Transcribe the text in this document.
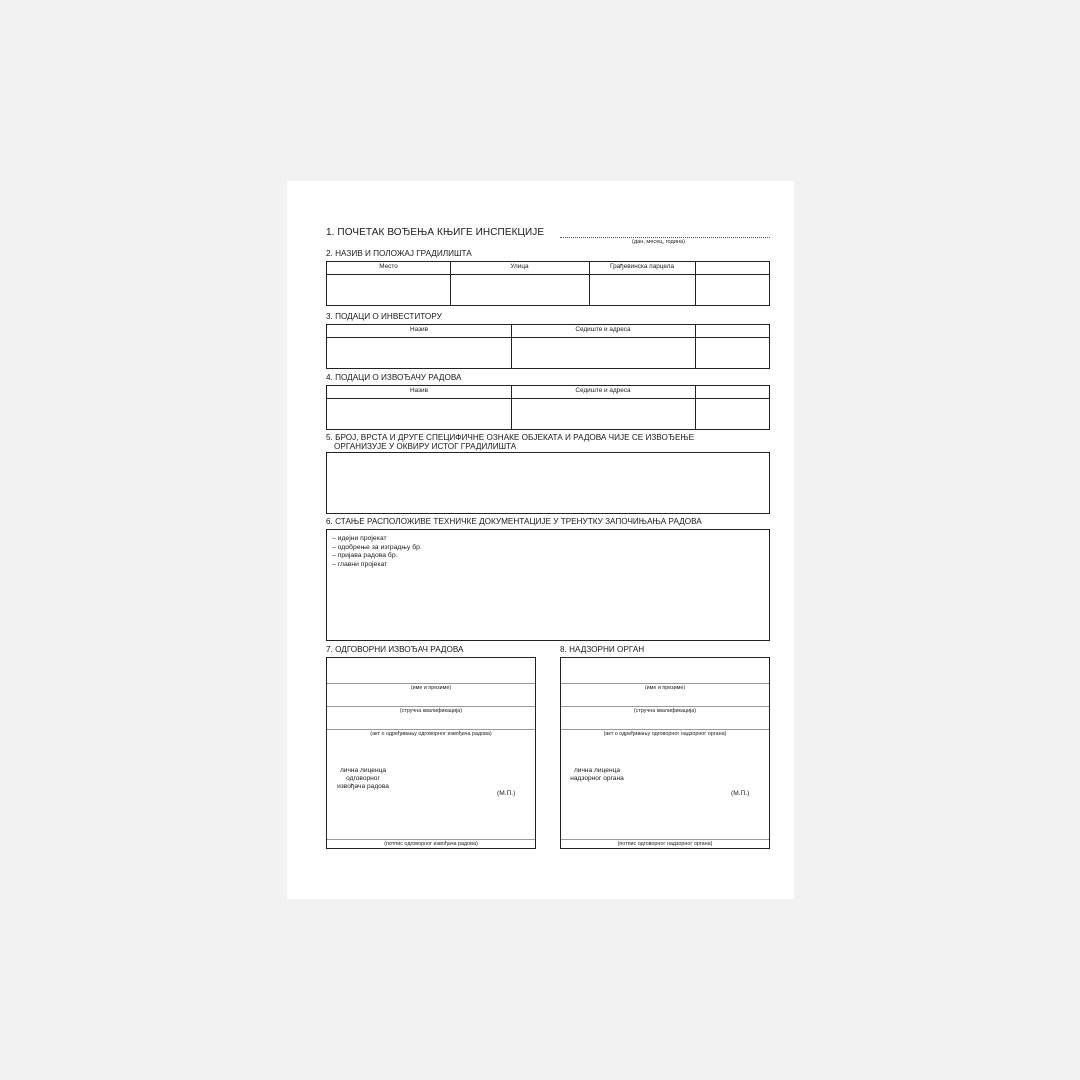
1. ПОЧЕТАК ВОЂЕЊА КЊИГЕ ИНСПЕКЦИЈЕ
(дан, месец, година)
2. НАЗИВ И ПОЛОЖАЈ ГРАДИЛИШТА
Место	Улица	Грађевинска парцела
3. ПОДАЦИ О ИНВЕСТИТОРУ
Назив	Седиште и адреса
4. ПОДАЦИ О ИЗВОЂАЧУ РАДОВА
Назив	Седиште и адреса
5. БРОЈ, ВРСТА И ДРУГЕ СПЕЦИФИЧНЕ ОЗНАКЕ ОБЈЕКАТА И РАДОВА ЧИЈЕ СЕ ИЗВОЂЕЊЕ
ОРГАНИЗУЈЕ У ОКВИРУ ИСТОГ ГРАДИЛИШТА
6. СТАЊЕ РАСПОЛОЖИВЕ ТЕХНИЧКЕ ДОКУМЕНТАЦИЈЕ У ТРЕНУТКУ ЗАПОЧИЊАЊА РАДОВА
– идејни пројекат
– одобрење за изградњу бр.
– пријава радова бр.
– главни пројекат
7. ОДГОВОРНИ ИЗВОЂАЧ РАДОВА
(име и презиме)
(стручна квалификација)
(акт о одређивању одговорног извођача радова)
лична лиценца
одговорног
извођача радова
(М.П.)
(потпис одговорног извођача радова)
8. НАДЗОРНИ ОРГАН
(име и презиме)
(стручна квалификација)
(акт о одређивању одговорног надзорног органа)
лична лиценца
надзорног органа
(М.П.)
(потпис одговорног надзорног органа)
